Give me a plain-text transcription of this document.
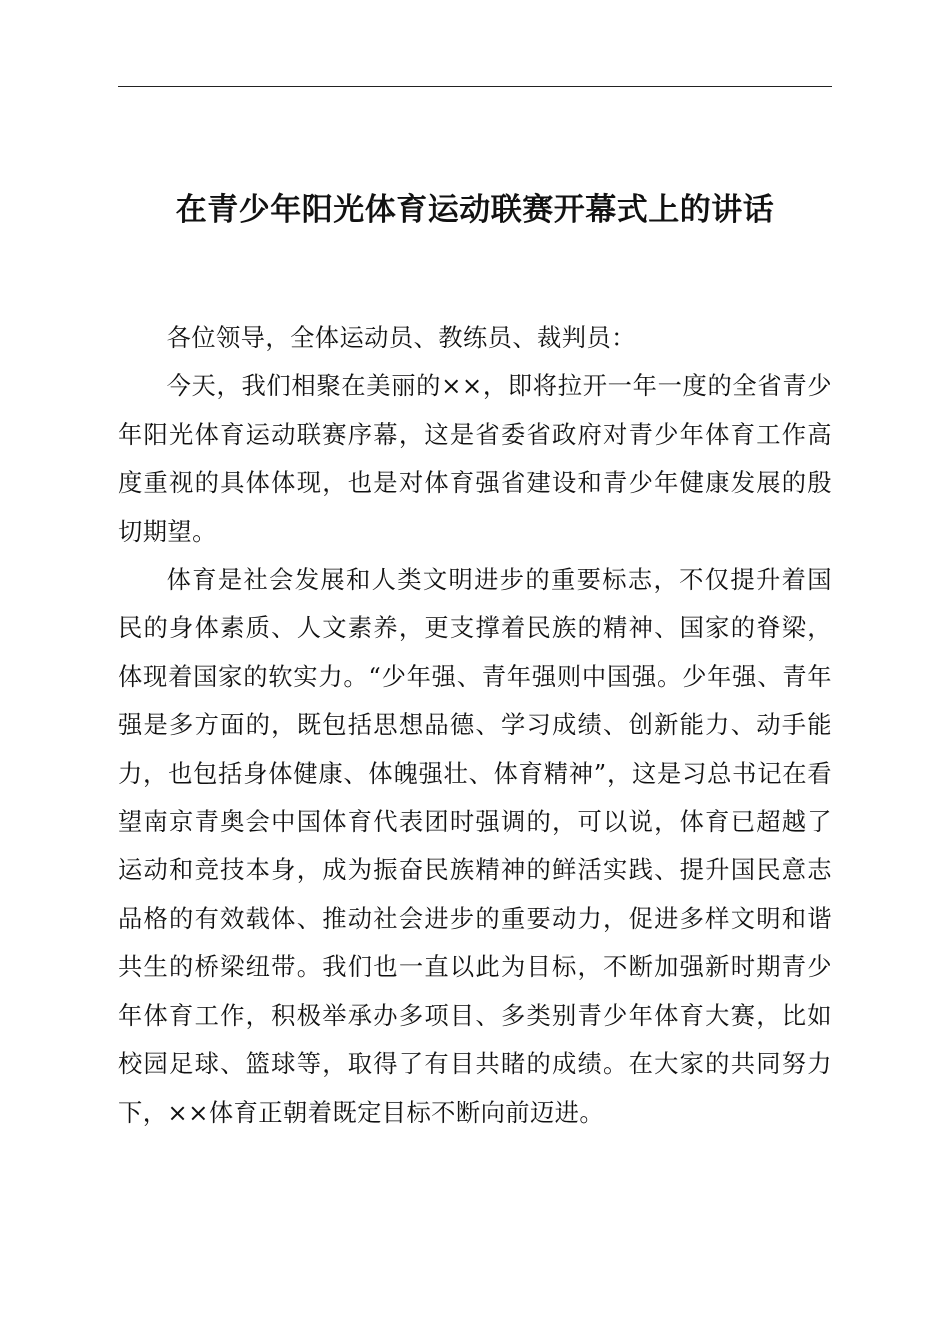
在青少年阳光体育运动联赛开幕式上的讲话

各位领导，全体运动员、教练员、裁判员：

今天，我们相聚在美丽的××，即将拉开一年一度的全省青少年阳光体育运动联赛序幕，这是省委省政府对青少年体育工作高度重视的具体体现，也是对体育强省建设和青少年健康发展的殷切期望。

体育是社会发展和人类文明进步的重要标志，不仅提升着国民的身体素质、人文素养，更支撑着民族的精神、国家的脊梁，体现着国家的软实力。“少年强、青年强则中国强。少年强、青年强是多方面的，既包括思想品德、学习成绩、创新能力、动手能力，也包括身体健康、体魄强壮、体育精神”，这是习总书记在看望南京青奥会中国体育代表团时强调的，可以说，体育已超越了运动和竞技本身，成为振奋民族精神的鲜活实践、提升国民意志品格的有效载体、推动社会进步的重要动力，促进多样文明和谐共生的桥梁纽带。我们也一直以此为目标，不断加强新时期青少年体育工作，积极举承办多项目、多类别青少年体育大赛，比如校园足球、篮球等，取得了有目共睹的成绩。在大家的共同努力下，××体育正朝着既定目标不断向前迈进。
